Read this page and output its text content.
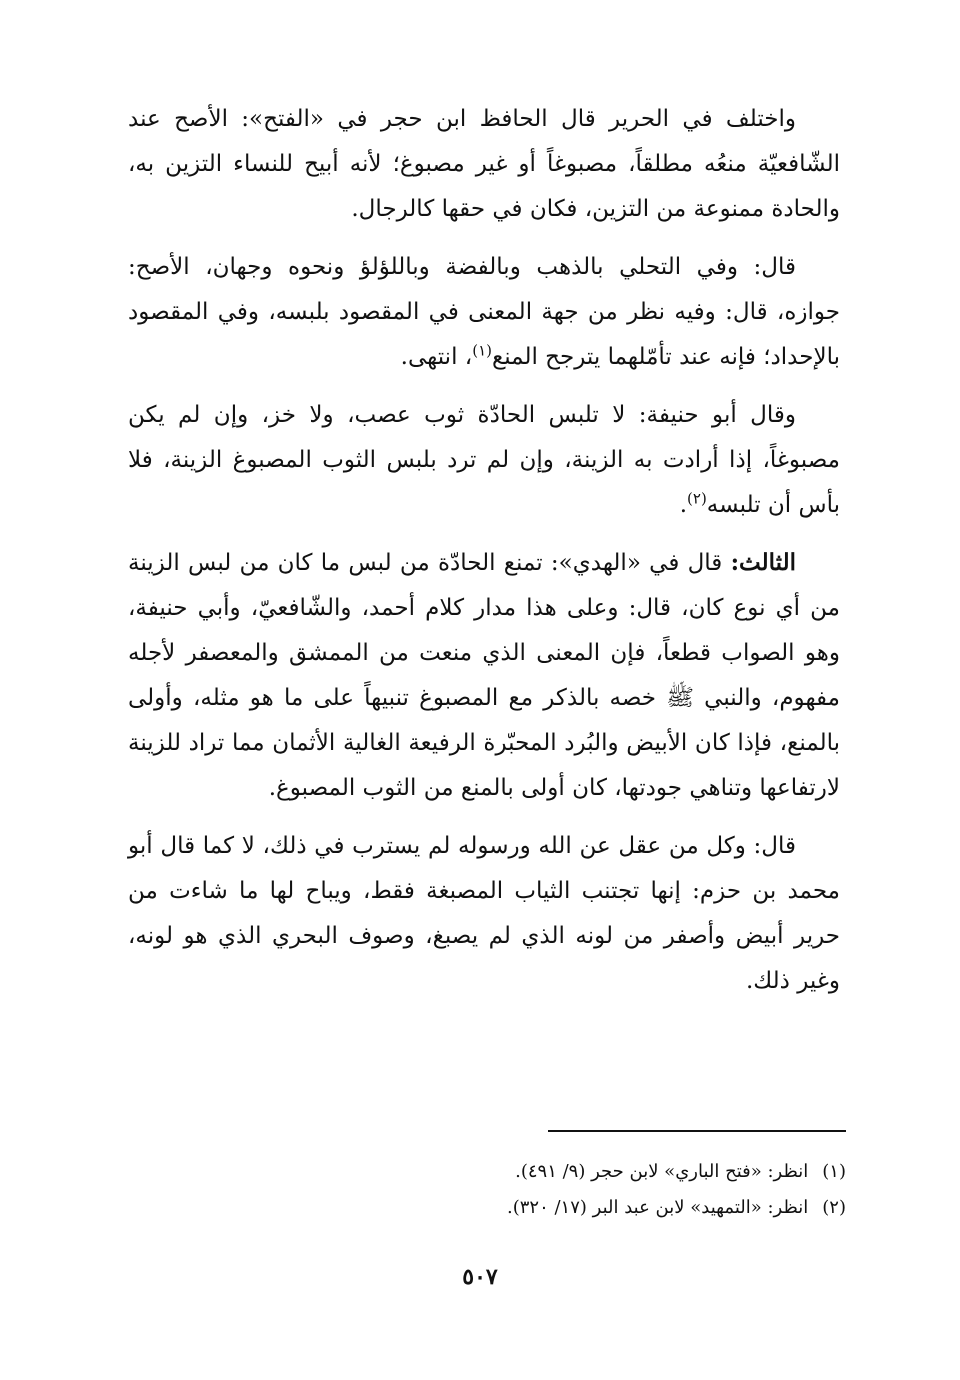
واختلف في الحرير قال الحافظ ابن حجر في «الفتح»: الأصح عند الشّافعيّة منعُه مطلقاً، مصبوغاً أو غير مصبوغ؛ لأنه أبيح للنساء التزين به، والحادة ممنوعة من التزين، فكان في حقها كالرجال.

قال: وفي التحلي بالذهب وبالفضة وباللؤلؤ ونحوه وجهان، الأصح: جوازه، قال: وفيه نظر من جهة المعنى في المقصود بلبسه، وفي المقصود بالإحداد؛ فإنه عند تأمّلهما يترجح المنع$^{(١)}$، انتهى.

وقال أبو حنيفة: لا تلبس الحادّة ثوب عصب، ولا خز، وإن لم يكن مصبوغاً، إذا أرادت به الزينة، وإن لم ترد بلبس الثوب المصبوغ الزينة، فلا بأس أن تلبسه$^{(٢)}$.

الثالث: قال في «الهدي»: تمنع الحادّة من لبس ما كان من لبس الزينة من أي نوع كان، قال: وعلى هذا مدار كلام أحمد، والشّافعيّ، وأبي حنيفة، وهو الصواب قطعاً، فإن المعنى الذي منعت من الممشق والمعصفر لأجله مفهوم، والنبي ﷺ خصه بالذكر مع المصبوغ تنبيهاً على ما هو مثله، وأولى بالمنع، فإذا كان الأبيض والبُرد المحبّرة الرفيعة الغالية الأثمان مما تراد للزينة لارتفاعها وتناهي جودتها، كان أولى بالمنع من الثوب المصبوغ.

قال: وكل من عقل عن الله ورسوله لم يسترب في ذلك، لا كما قال أبو محمد بن حزم: إنها تجتنب الثياب المصبغة فقط، ويباح لها ما شاءت من حرير أبيض وأصفر من لونه الذي لم يصبغ، وصوف البحري الذي هو لونه، وغير ذلك.

(١)انظر: «فتح الباري» لابن حجر (٩/ ٤٩١).

(٢)انظر: «التمهيد» لابن عبد البر (١٧/ ٣٢٠).

٥٠٧
